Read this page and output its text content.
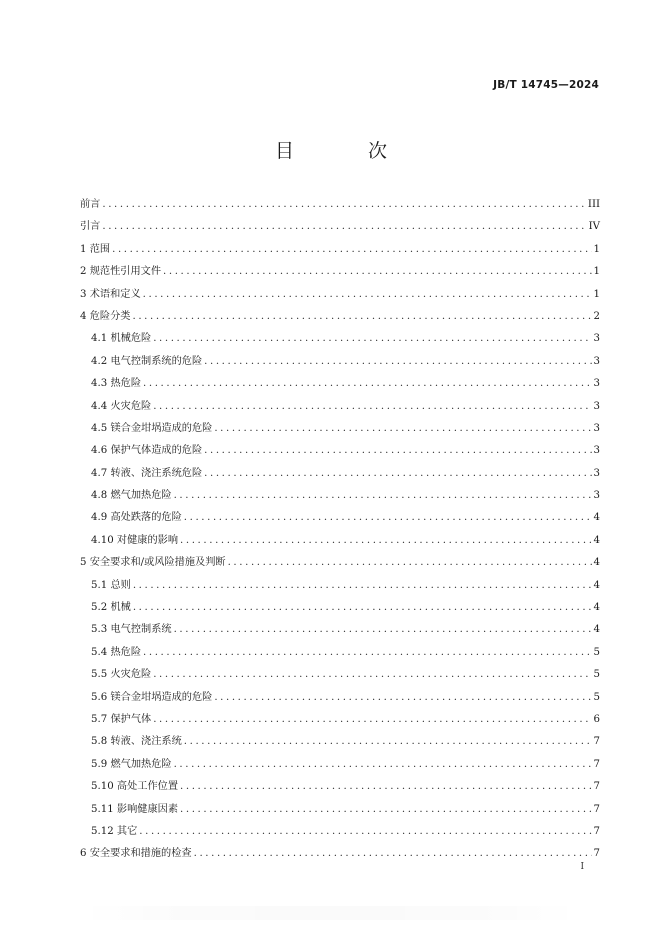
JB/T 14745—2024
目 次
前言 .....	III
引言 .....	IV
1 范围 .....	1
2 规范性引用文件 .....	1
3 术语和定义 .....	1
4 危险分类 .....	2
4.1 机械危险 .....	3
4.2 电气控制系统的危险 .....	3
4.3 热危险 .....	3
4.4 火灾危险 .....	3
4.5 镁合金坩埚造成的危险 .....	3
4.6 保护气体造成的危险 .....	3
4.7 转液、浇注系统危险 .....	3
4.8 燃气加热危险 .....	3
4.9 高处跌落的危险 .....	4
4.10 对健康的影响 .....	4
5 安全要求和/或风险措施及判断 .....	4
5.1 总则 .....	4
5.2 机械 .....	4
5.3 电气控制系统 .....	4
5.4 热危险 .....	5
5.5 火灾危险 .....	5
5.6 镁合金坩埚造成的危险 .....	5
5.7 保护气体 .....	6
5.8 转液、浇注系统 .....	7
5.9 燃气加热危险 .....	7
5.10 高处工作位置 .....	7
5.11 影响健康因素 .....	7
5.12 其它 .....	7
6 安全要求和措施的检查 .....	7
I
